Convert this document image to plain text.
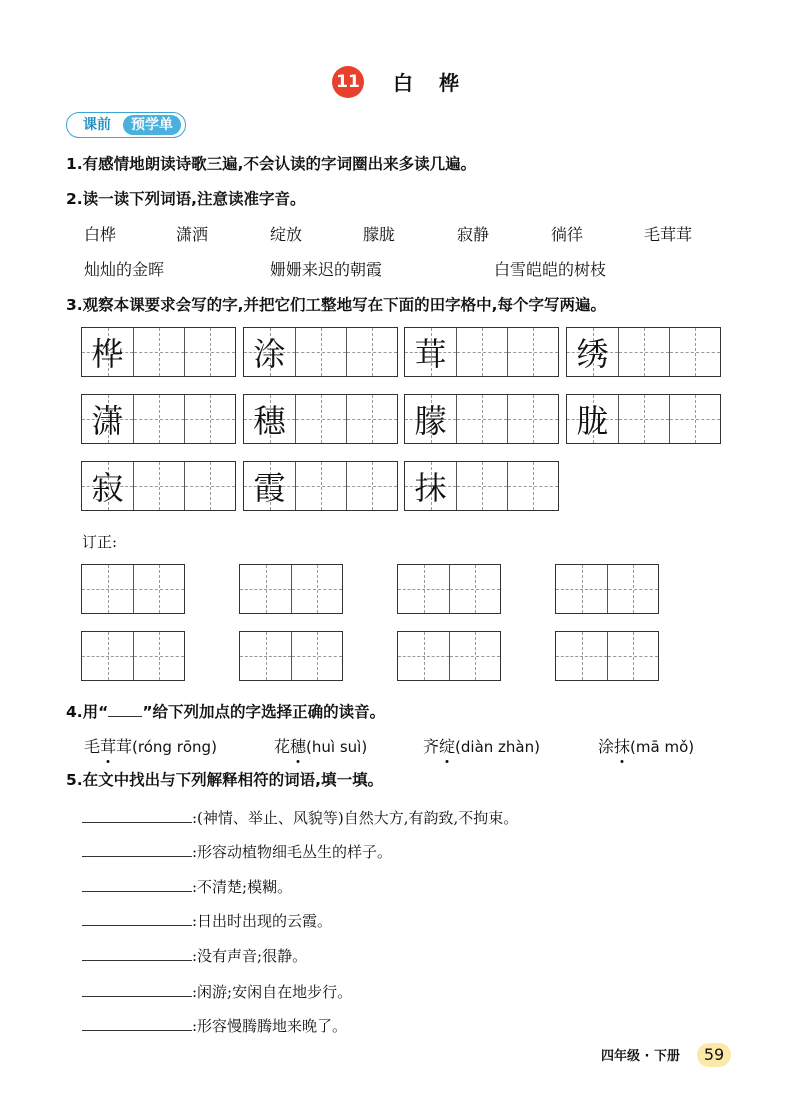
11 白桦
课前	预学单
1.有感情地朗读诗歌三遍,不会认读的字词圈出来多读几遍。
2.读一读下列词语,注意读准字音。
白桦	潇洒	绽放	朦胧	寂静	徜徉	毛茸茸
灿灿的金晖	姗姗来迟的朝霞	白雪皑皑的树枝
3.观察本课要求会写的字,并把它们工整地写在下面的田字格中,每个字写两遍。
桦	涂	茸	绣
潇	穗	朦	胧
寂	霞	抹
订正:
4.用“ ”给下列加点的字选择正确的读音。
毛茸茸(róng rōng)	花穗(huì suì)	齐绽(diàn zhàn)	涂抹(mā mǒ)
5.在文中找出与下列解释相符的词语,填一填。
:(神情、举止、风貌等)自然大方,有韵致,不拘束。
:形容动植物细毛丛生的样子。
:不清楚;模糊。
:日出时出现的云霞。
:没有声音;很静。
:闲游;安闲自在地步行。
:形容慢腾腾地来晚了。
四年级 · 下册	59
